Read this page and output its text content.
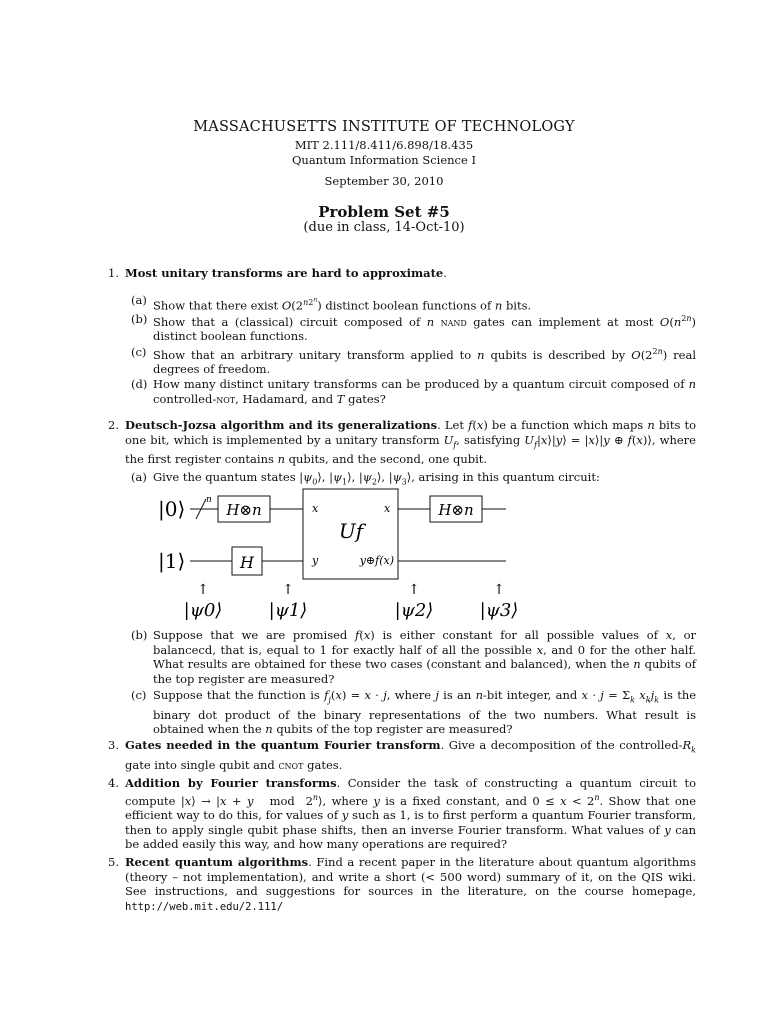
MASSACHUSETTS INSTITUTE OF TECHNOLOGY
MIT 2.111/8.411/6.898/18.435
Quantum Information Science I
September 30, 2010
Problem Set #5
(due in class, 14-Oct-10)
1. Most unitary transforms are hard to approximate.
(a) Show that there exist $O(2^{n2^n})$ distinct boolean functions of n bits.
(b) Show that a (classical) circuit composed of n nand gates can implement at most $O(n^{2n})$ distinct boolean functions.
(c) Show that an arbitrary unitary transform applied to n qubits is described by $O(2^{2n})$ real degrees of freedom.
(d) How many distinct unitary transforms can be produced by a quantum circuit composed of n controlled-not, Hadamard, and T gates?
2. Deutsch-Jozsa algorithm and its generalizations. Let f(x) be a function which maps n bits to one bit, which is implemented by a unitary transform $U_f$, satisfying $U_f|x⟩|y⟩$ = |x⟩|y ⊕ f(x)⟩, where the first register contains n qubits, and the second, one qubit.
(a) Give the quantum states $|\psi_0⟩$, $|\psi_1⟩$, $|\psi_2⟩$, $|\psi_3⟩$, arising in this quantum circuit:
|0⟩
|1⟩
n
H⊗n
H
Uf
x	x
y	y⊕f(x)
H⊗n
↑	↑	↑	↑
|ψ0⟩	|ψ1⟩	|ψ2⟩	|ψ3⟩
(b) Suppose that we are promised f(x) is either constant for all possible values of x, or balancecd, that is, equal to 1 for exactly half of all the possible x, and 0 for the other half. What results are obtained for these two cases (constant and balanced), when the n qubits of the top register are measured?
(c) Suppose that the function is $f_j(x) = x \cdot j$, where j is an n-bit integer, and $x \cdot j = \Sigma_k$ $x_kj_k$ is the binary dot product of the binary representations of the two numbers. What result is obtained when the n qubits of the top register are measured?
3. Gates needed in the quantum Fourier transform. Give a decomposition of the controlled-$R_k$ gate into single qubit and cnot gates.
4. Addition by Fourier transforms. Consider the task of constructing a quantum circuit to compute |x⟩ → |x + y   mod  2$^n$⟩, where y is a fixed constant, and $0 \le x < 2^n$. Show that one efficient way to do this, for values of y such as 1, is to first perform a quantum Fourier transform, then to apply single qubit phase shifts, then an inverse Fourier transform. What values of y can be added easily this way, and how many operations are required?
5. Recent quantum algorithms. Find a recent paper in the literature about quantum algorithms (theory – not implementation), and write a short (< 500 word) summary of it, on the QIS wiki. See instructions, and suggestions for sources in the literature, on the course homepage, http://web.mit.edu/2.111/
